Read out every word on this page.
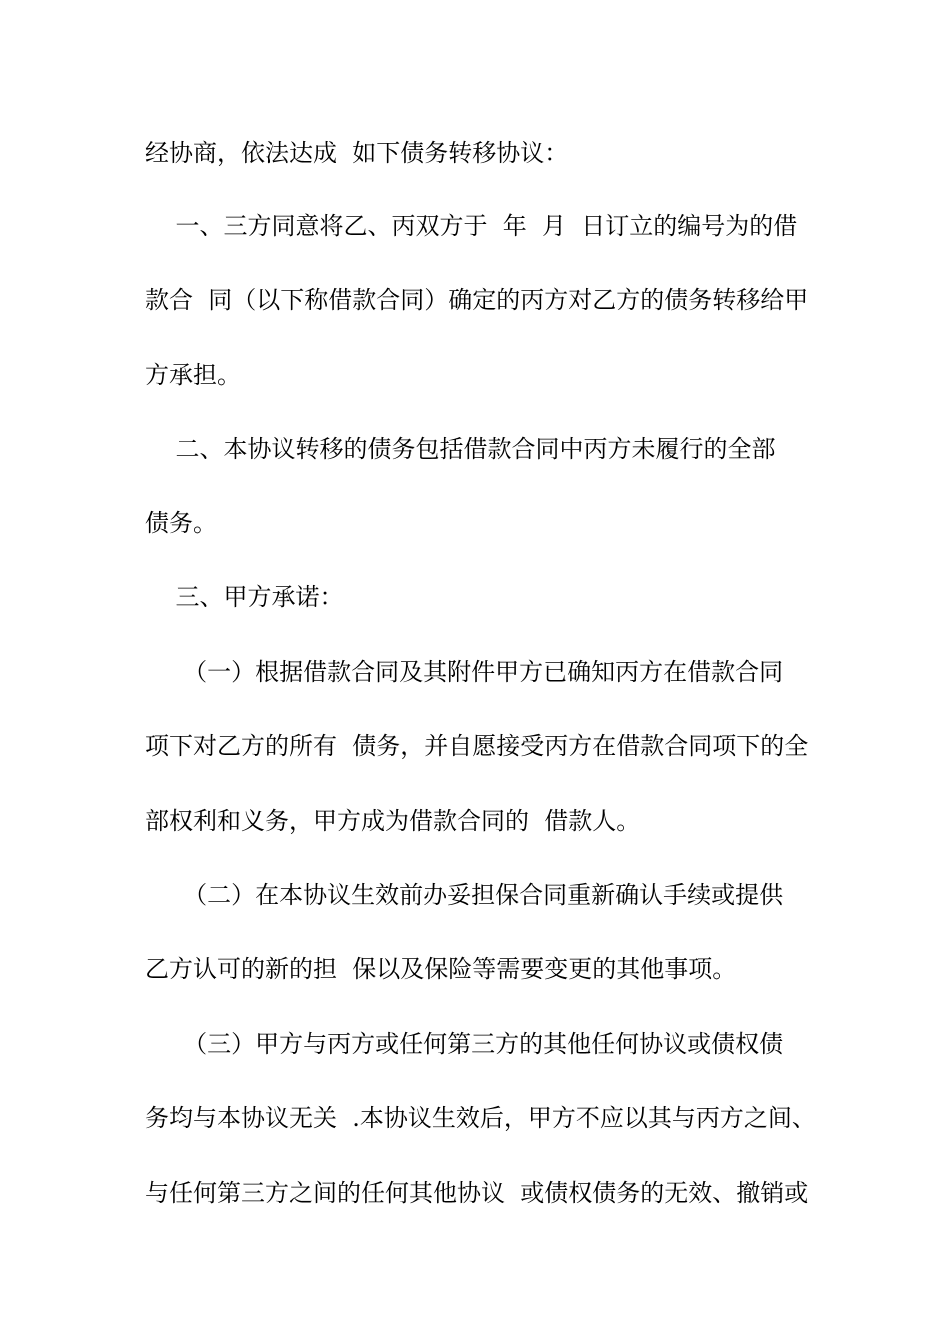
经协商，依法达成  如下债务转移协议：
一、三方同意将乙、丙双方于  年  月  日订立的编号为的借
款合  同（以下称借款合同）确定的丙方对乙方的债务转移给甲
方承担。
二、本协议转移的债务包括借款合同中丙方未履行的全部
债务。
三、甲方承诺：
（一）根据借款合同及其附件甲方已确知丙方在借款合同
项下对乙方的所有  债务，并自愿接受丙方在借款合同项下的全
部权利和义务，甲方成为借款合同的  借款人。
（二）在本协议生效前办妥担保合同重新确认手续或提供
乙方认可的新的担  保以及保险等需要变更的其他事项。
（三）甲方与丙方或任何第三方的其他任何协议或债权债
务均与本协议无关  .本协议生效后，甲方不应以其与丙方之间、
与任何第三方之间的任何其他协议  或债权债务的无效、撤销或
